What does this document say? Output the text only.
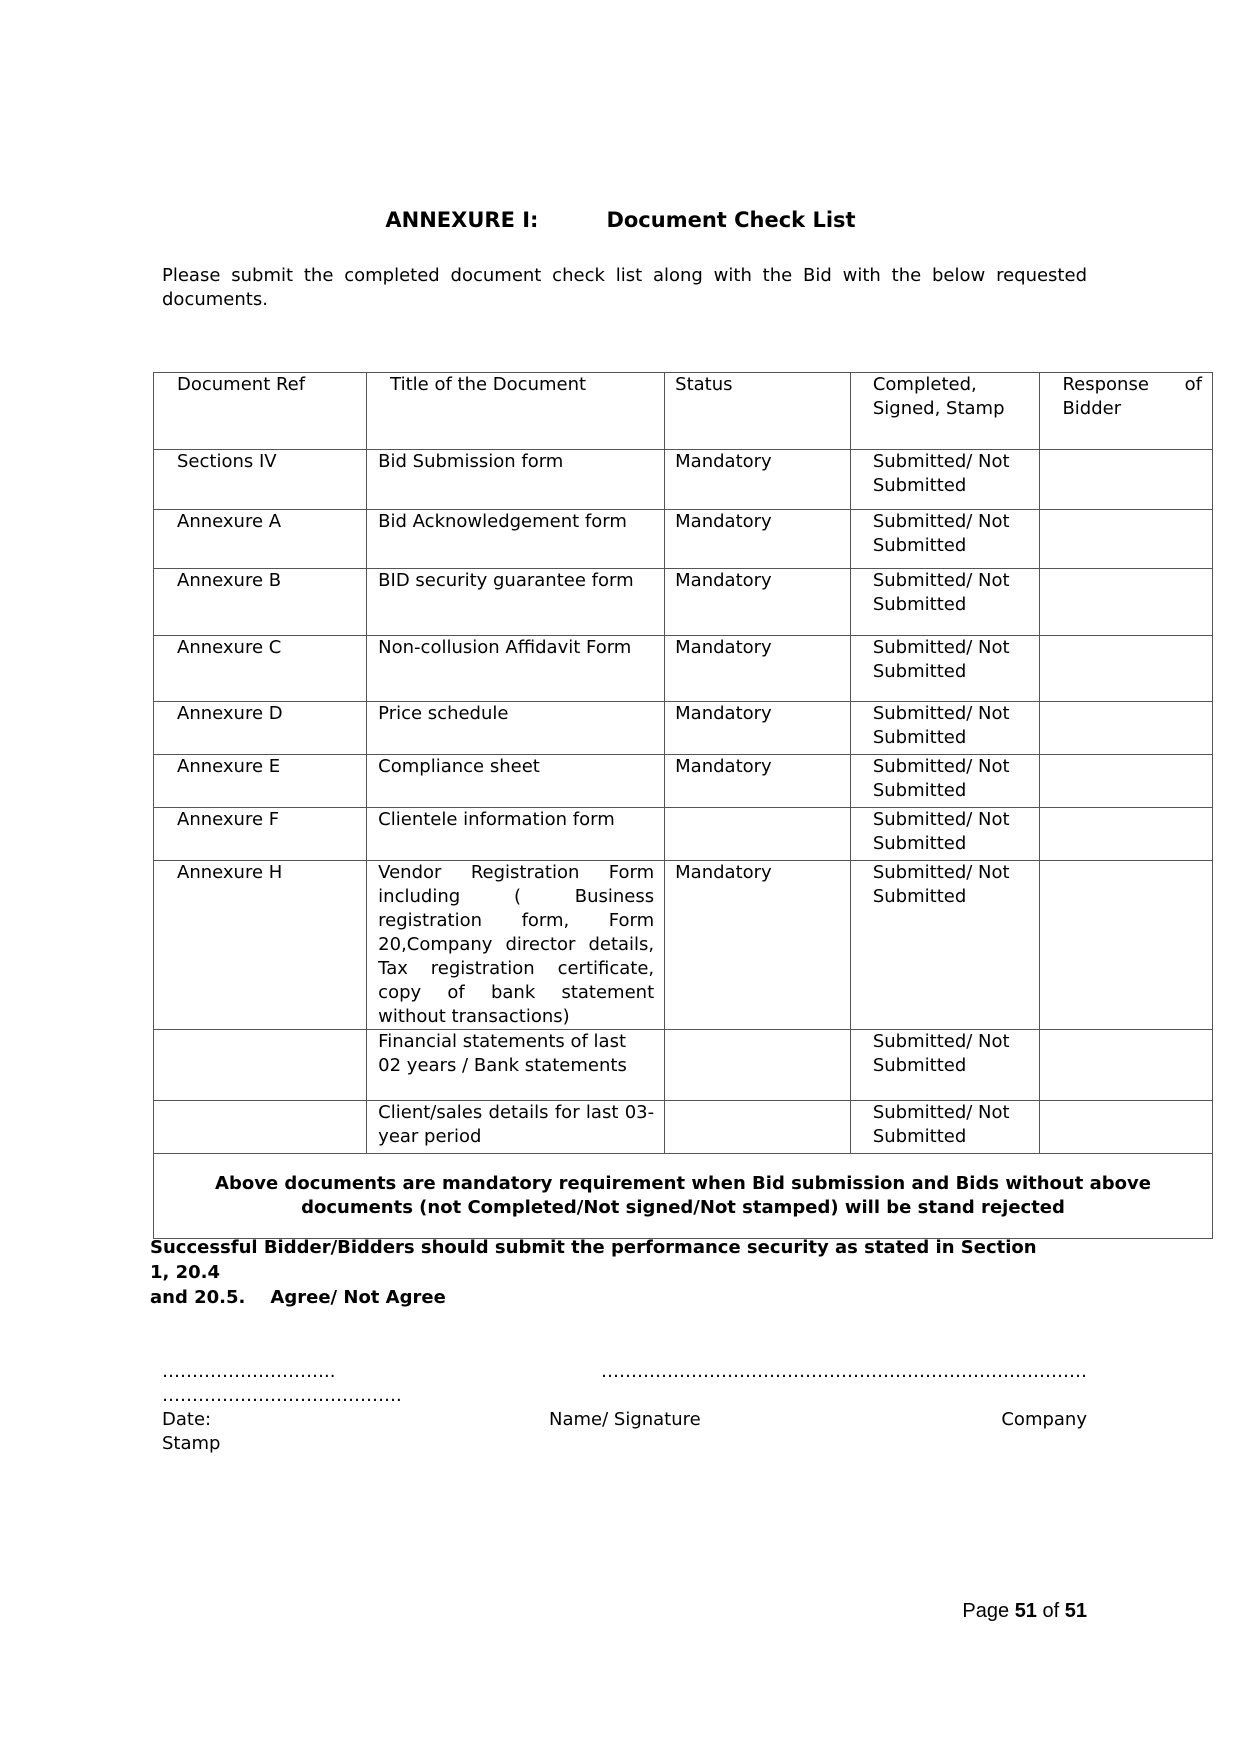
ANNEXURE I:	Document Check List
Please submit the completed document check list along with the Bid with the below requested documents.
Document Ref	Title of the Document	Status	Completed, Signed, Stamp	Response of Bidder
Sections IV	Bid Submission form	Mandatory	Submitted/ Not Submitted	
Annexure A	Bid Acknowledgement form	Mandatory	Submitted/ Not Submitted	
Annexure B	BID security guarantee form	Mandatory	Submitted/ Not Submitted	
Annexure C	Non-collusion Affidavit Form	Mandatory	Submitted/ Not Submitted	
Annexure D	Price schedule	Mandatory	Submitted/ Not Submitted	
Annexure E	Compliance sheet	Mandatory	Submitted/ Not Submitted	
Annexure F	Clientele information form		Submitted/ Not Submitted	
Annexure H	Vendor Registration Form including ( Business registration form, Form 20,Company director details, Tax registration certificate, copy of bank statement without transactions)	Mandatory	Submitted/ Not Submitted	
	Financial statements of last 02 years / Bank statements		Submitted/ Not Submitted	
	Client/sales details for last 03-year period		Submitted/ Not Submitted	
Above documents are mandatory requirement when Bid submission and Bids without above documents (not Completed/Not signed/Not stamped) will be stand rejected				
Successful Bidder/Bidders should submit the performance security as stated in Section 1, 20.4
and 20.5.    Agree/ Not Agree
………………………..	………………………………………………………………………
………………………………….
Date:	Name/ Signature	Company
Stamp
Page 51 of 51
